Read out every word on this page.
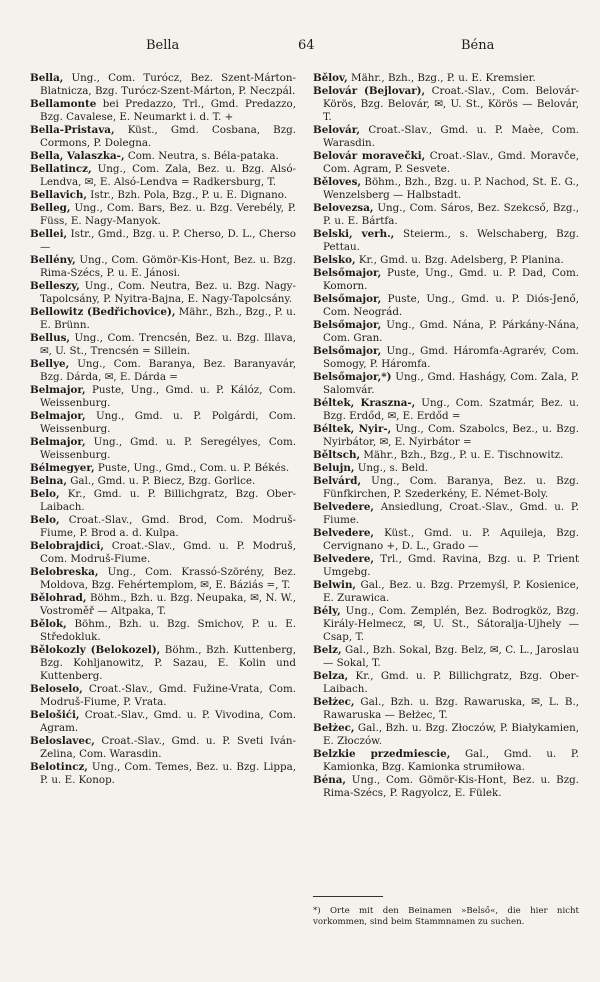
Bella	64	Béna

Bella, Ung., Com. Turócz, Bez. Szent-Márton-Blatnicza, Bzg. Turócz-Szent-Márton, P. Neczpál.

Bellamonte bei Predazzo, Trl., Gmd. Predazzo, Bzg. Cavalese, E. Neumarkt i. d. T. +

Bella-Pristava, Küst., Gmd. Cosbana, Bzg. Cormons, P. Dolegna.

Bella, Valaszka-, Com. Neutra, s. Béla-pataka.

Bellatincz, Ung., Com. Zala, Bez. u. Bzg. Alsó-Lendva, ✉, E. Alsó-Lendva = Radkersburg, T.

Bellavich, Istr., Bzh. Pola, Bzg., P. u. E. Dignano.

Belleg, Ung., Com. Bars, Bez. u. Bzg. Verebély, P. Füss, E. Nagy-Manyok.

Bellei, Istr., Gmd., Bzg. u. P. Cherso, D. L., Cherso —

Bellény, Ung., Com. Gömör-Kis-Hont, Bez. u. Bzg. Rima-Szécs, P. u. E. Jánosi.

Belleszy, Ung., Com. Neutra, Bez. u. Bzg. Nagy-Tapolcsány, P. Nyitra-Bajna, E. Nagy-Tapolcsány.

Bellowitz (Bedřichovice), Mähr., Bzh., Bzg., P. u. E. Brünn.

Bellus, Ung., Com. Trencsén, Bez. u. Bzg. Illava, ✉, U. St., Trencsén = Sillein.

Bellye, Ung., Com. Baranya, Bez. Baranyavár, Bzg. Dárda, ✉, E. Dárda =

Belmajor, Puste, Ung., Gmd. u. P. Kálóz, Com. Weissenburg.

Belmajor, Ung., Gmd. u. P. Polgárdi, Com. Weissenburg.

Belmajor, Ung., Gmd. u. P. Seregélyes, Com. Weissenburg.

Bélmegyer, Puste, Ung., Gmd., Com. u. P. Békés.

Belna, Gal., Gmd. u. P. Biecz, Bzg. Gorlice.

Belo, Kr., Gmd. u. P. Billichgratz, Bzg. Ober-Laibach.

Belo, Croat.-Slav., Gmd. Brod, Com. Modruš-Fiume, P. Brod a. d. Kulpa.

Belobrajdici, Croat.-Slav., Gmd. u. P. Modruš, Com. Modruš-Fiume.

Belobreska, Ung., Com. Krassó-Szörény, Bez. Moldova, Bzg. Fehértemplom, ✉, E. Báziás =, T.

Bělohrad, Böhm., Bzh. u. Bzg. Neupaka, ✉, N. W., Vostroměř — Altpaka, T.

Bělok, Böhm., Bzh. u. Bzg. Smichov, P. u. E. Středokluk.

Bělokozly (Belokozel), Böhm., Bzh. Kuttenberg, Bzg. Kohljanowitz, P. Sazau, E. Kolin und Kuttenberg.

Beloselo, Croat.-Slav., Gmd. Fužine-Vrata, Com. Modruš-Fiume, P. Vrata.

Belošići, Croat.-Slav., Gmd. u. P. Vivodina, Com. Agram.

Beloslavec, Croat.-Slav., Gmd. u. P. Sveti Iván-Zelina, Com. Warasdin.

Belotincz, Ung., Com. Temes, Bez. u. Bzg. Lippa, P. u. E. Konop.

Bělov, Mähr., Bzh., Bzg., P. u. E. Kremsier.

Belovár (Bejlovar), Croat.-Slav., Com. Belovár-Körös, Bzg. Belovár, ✉, U. St., Körös — Belovár, T.

Belovár, Croat.-Slav., Gmd. u. P. Maèe, Com. Warasdin.

Belovár moravečki, Croat.-Slav., Gmd. Moravče, Com. Agram, P. Sesvete.

Běloves, Böhm., Bzh., Bzg. u. P. Nachod, St. E. G., Wenzelsberg — Halbstadt.

Belovezsa, Ung., Com. Sáros, Bez. Szekcső, Bzg., P. u. E. Bártfa.

Belski, verh., Steierm., s. Welschaberg, Bzg. Pettau.

Belsko, Kr., Gmd. u. Bzg. Adelsberg, P. Planina.

Belsőmajor, Puste, Ung., Gmd. u. P. Dad, Com. Komorn.

Belsőmajor, Puste, Ung., Gmd. u. P. Diós-Jenő, Com. Neográd.

Belsőmajor, Ung., Gmd. Nána, P. Párkány-Nána, Com. Gran.

Belsőmajor, Ung., Gmd. Háromfa-Agrarév, Com. Somogy, P. Háromfa.

Belsőmajor,*) Ung., Gmd. Hashágy, Com. Zala, P. Salomvár.

Béltek, Kraszna-, Ung., Com. Szatmár, Bez. u. Bzg. Erdőd, ✉, E. Erdőd =

Béltek, Nyir-, Ung., Com. Szabolcs, Bez., u. Bzg. Nyirbátor, ✉, E. Nyirbátor =

Běltsch, Mähr., Bzh., Bzg., P. u. E. Tischnowitz.

Belujn, Ung., s. Beld.

Belvárd, Ung., Com. Baranya, Bez. u. Bzg. Fünfkirchen, P. Szederkény, E. Német-Boly.

Belvedere, Ansiedlung, Croat.-Slav., Gmd. u. P. Fiume.

Belvedere, Küst., Gmd. u. P. Aquileja, Bzg. Cervignano +, D. L., Grado —

Belvedere, Trl., Gmd. Ravina, Bzg. u. P. Trient Umgebg.

Belwin, Gal., Bez. u. Bzg. Przemyśl, P. Kosienice, E. Zurawica.

Bély, Ung., Com. Zemplén, Bez. Bodrogköz, Bzg. Király-Helmecz, ✉, U. St., Sátoralja-Ujhely — Csap, T.

Belz, Gal., Bzh. Sokal, Bzg. Belz, ✉, C. L., Jaroslau — Sokal, T.

Belza, Kr., Gmd. u. P. Billichgratz, Bzg. Ober-Laibach.

Bełżec, Gal., Bzh. u. Bzg. Rawaruska, ✉, L. B., Rawaruska — Bełżec, T.

Bełżec, Gal., Bzh. u. Bzg. Złoczów, P. Białykamien, E. Złoczów.

Belzkie przedmiescie, Gal., Gmd. u. P. Kamionka, Bzg. Kamionka strumiłowa.

Béna, Ung., Com. Gömör-Kis-Hont, Bez. u. Bzg. Rima-Szécs, P. Ragyolcz, E. Fülek.

*) Orte mit den Beinamen »Belső«, die hier nicht vorkommen, sind beim Stammnamen zu suchen.
